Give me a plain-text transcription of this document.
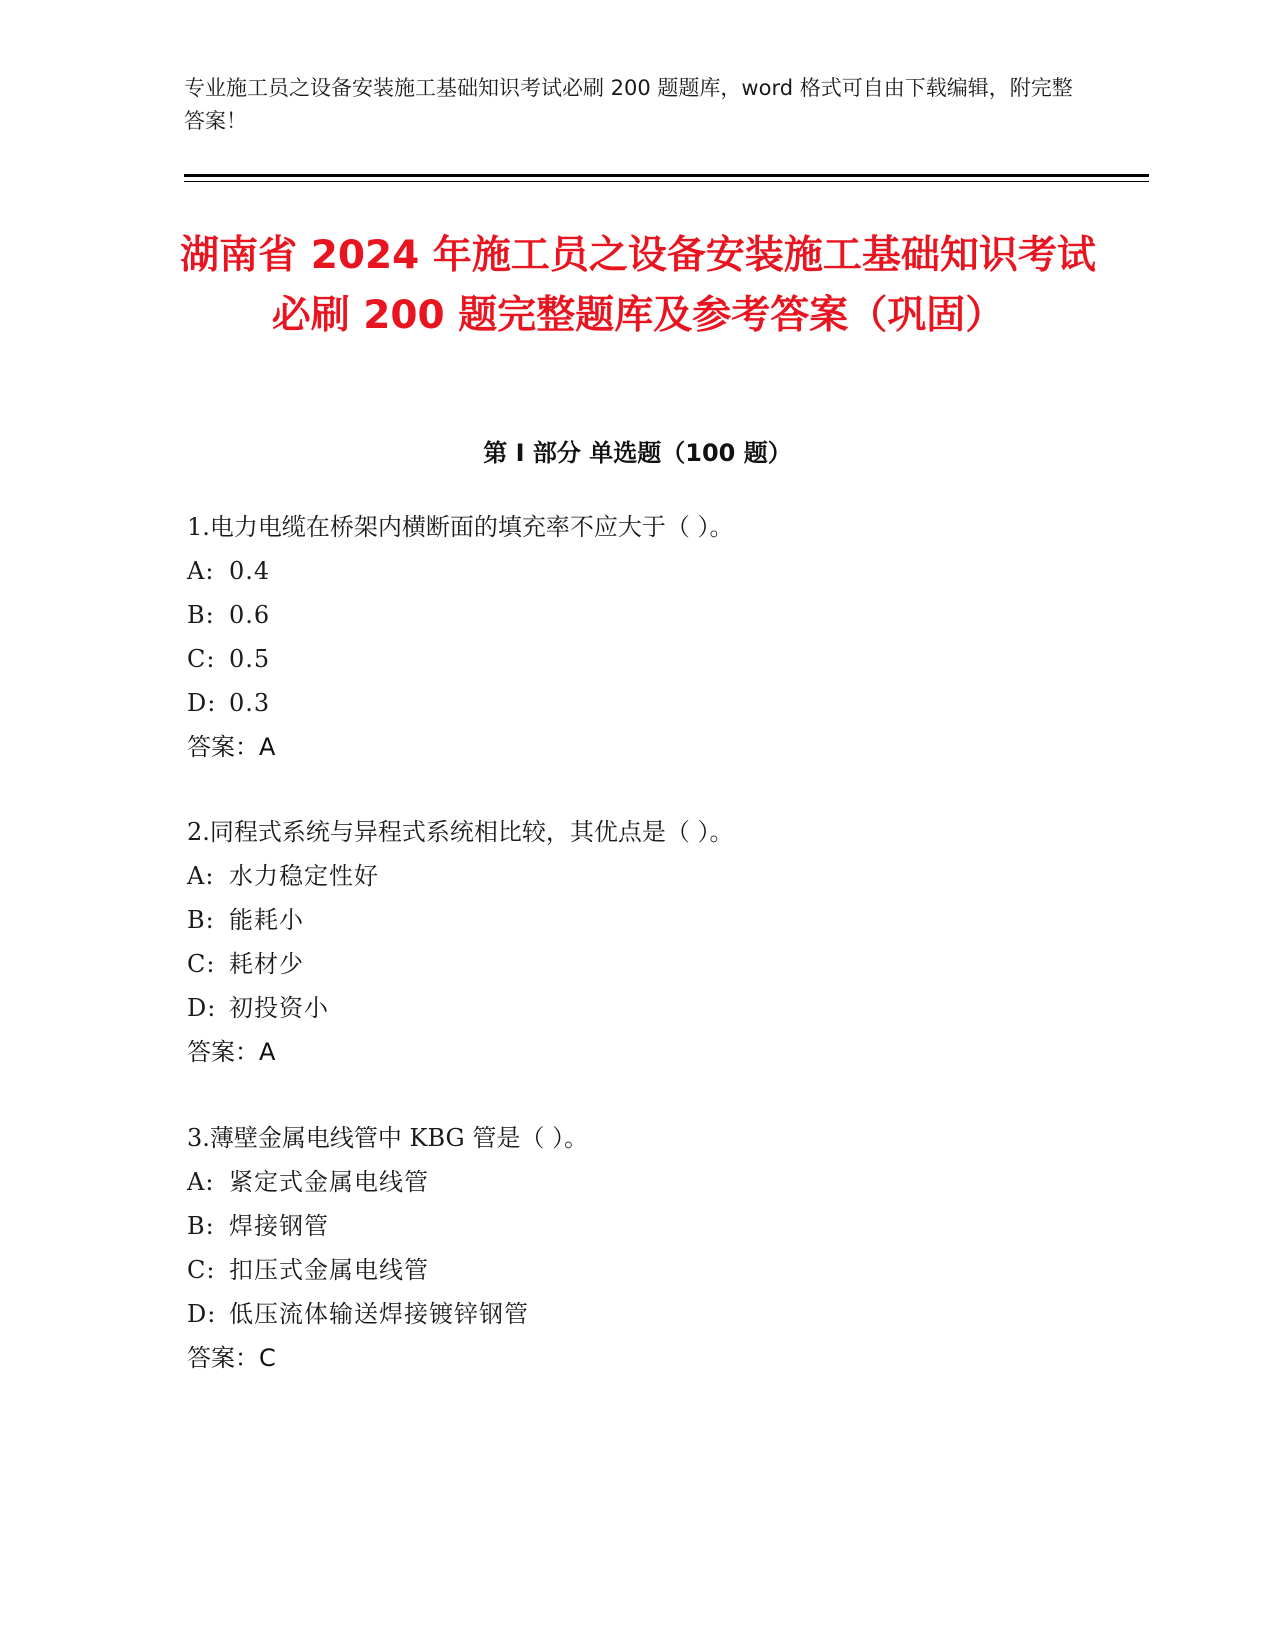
专业施工员之设备安装施工基础知识考试必刷 200 题题库，word 格式可自由下载编辑，附完整答案！
湖南省 2024 年施工员之设备安装施工基础知识考试必刷 200 题完整题库及参考答案（巩固）
第 I 部分 单选题（100 题）
1.电力电缆在桥架内横断面的填充率不应大于（ ）。
A: 0.4
B: 0.6
C: 0.5
D: 0.3
答案：A
2.同程式系统与异程式系统相比较，其优点是（ ）。
A: 水力稳定性好
B: 能耗小
C: 耗材少
D: 初投资小
答案：A
3.薄壁金属电线管中 KBG 管是（ ）。
A: 紧定式金属电线管
B: 焊接钢管
C: 扣压式金属电线管
D: 低压流体输送焊接镀锌钢管
答案：C
